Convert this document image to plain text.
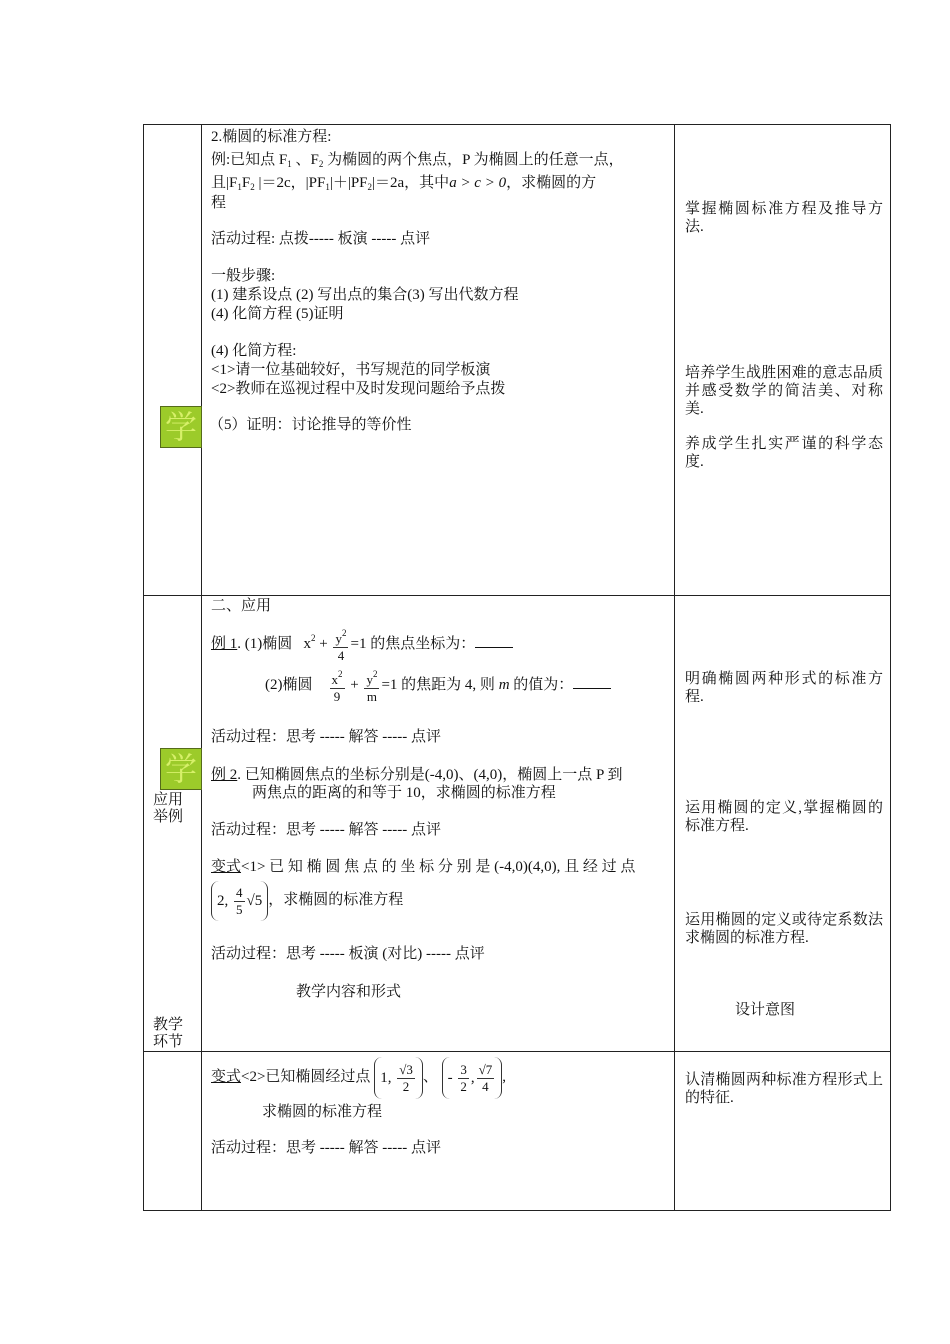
学
2.椭圆的标准方程:
例:已知点 $F_1$ 、$F_2$ 为椭圆的两个焦点，P 为椭圆上的任意一点，
且$|F_1F_2$ |＝2c，$|PF_1|+|PF_2|=2a$，其中a > c > 0，求椭圆的方
程
活动过程: 点拨----- 板演 ----- 点评
一般步骤:
(1) 建系设点 (2) 写出点的集合(3) 写出代数方程
(4) 化简方程 (5)证明
(4) 化简方程:
<1>请一位基础较好，书写规范的同学板演
<2>教师在巡视过程中及时发现问题给予点拨
（5）证明：讨论推导的等价性
掌握椭圆标准方程及推导方法.
培养学生战胜困难的意志品质并感受数学的简洁美、对称美.
养成学生扎实严谨的科学态度.
学
应用
举例
教学
环节
二、应用
例 1. (1)椭圆 $x^2 + \frac{y^2}{4} =1$ 的焦点坐标为：
(2)椭圆 $\frac{x^2}{9} + \frac{y^2}{m} =1$ 的焦距为 4, 则 m 的值为：
活动过程：思考 ----- 解答 ----- 点评
例 2. 已知椭圆焦点的坐标分别是(-4,0)、(4,0)，椭圆上一点 P 到
两焦点的距离的和等于 10，求椭圆的标准方程
活动过程：思考 ----- 解答 ----- 点评
变式<1> 已 知 椭 圆 焦 点 的 坐 标 分 别 是 (-4,0)(4,0), 且 经 过 点
2, $\frac{4}{5} √5$ ，求椭圆的标准方程
活动过程：思考 ----- 板演 (对比) ----- 点评
教学内容和形式
设计意图
明确椭圆两种形式的标准方程.
运用椭圆的定义,掌握椭圆的标准方程.
运用椭圆的定义或待定系数法求椭圆的标准方程.
变式<2>已知椭圆经过点 1, $\frac{√3}{2}$ 、 - $\frac{3}{2}$ , $\frac{√7}{4}$ ,
求椭圆的标准方程
活动过程：思考 ----- 解答 ----- 点评
认清椭圆两种标准方程形式上的特征.
